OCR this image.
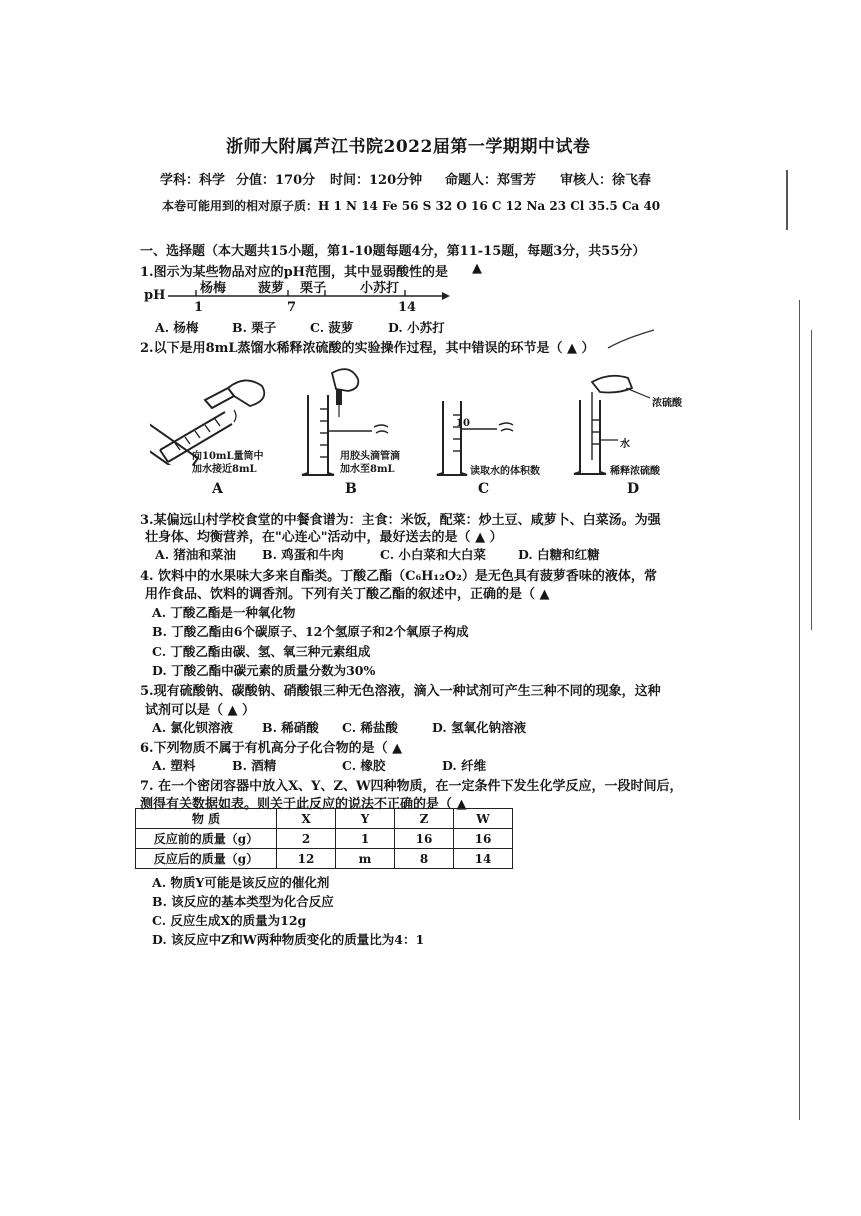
浙师大附属芦江书院2022届第一学期期中试卷
学科：科学 分值：170分 时间：120分钟 命题人：郑雪芳 审核人：徐飞春
本卷可能用到的相对原子质：H 1 N 14 Fe 56 S 32 O 16 C 12 Na 23 Cl 35.5 Ca 40
一、选择题（本大题共15小题，第1-10题每题4分，第11-15题，每题3分，共55分）
1.图示为某些物品对应的pH范围，其中显弱酸性的是 ▲
pH	杨梅 菠萝 栗子	小苏打
1	7	14
A. 杨梅	B. 栗子	C. 菠萝	D. 小苏打
2.以下是用8mL蒸馏水稀释浓硫酸的实验操作过程，其中错误的环节是（ ▲ ）
向10mL量筒中
加水接近8mL
A
用胶头滴管滴
加水至8mL
B
10
读取水的体积数
C
浓硫酸
水
稀释浓硫酸
D
3.某偏远山村学校食堂的中餐食谱为：主食：米饭，配菜：炒土豆、咸萝卜、白菜汤。为强
壮身体、均衡营养，在"心连心"活动中，最好送去的是（ ▲ ）
A. 猪油和菜油 B. 鸡蛋和牛肉	C. 小白菜和大白菜	D. 白糖和红糖
4. 饮料中的水果味大多来自酯类。丁酸乙酯（C₆H₁₂O₂）是无色具有菠萝香味的液体，常
用作食品、饮料的调香剂。下列有关丁酸乙酯的叙述中，正确的是（ ▲
A. 丁酸乙酯是一种氧化物
B. 丁酸乙酯由6个碳原子、12个氢原子和2个氧原子构成
C. 丁酸乙酯由碳、氢、氧三种元素组成
D. 丁酸乙酯中碳元素的质量分数为30%
5.现有硫酸钠、碳酸钠、硝酸银三种无色溶液，滴入一种试剂可产生三种不同的现象，这种
试剂可以是（ ▲ ）
A. 氯化钡溶液 B. 稀硝酸 C. 稀盐酸	D. 氢氧化钠溶液
6.下列物质不属于有机高分子化合物的是（ ▲
A. 塑料	B. 酒精	C. 橡胶	D. 纤维
7. 在一个密闭容器中放入X、Y、Z、W四种物质，在一定条件下发生化学反应，一段时间后，
测得有关数据如表。则关于此反应的说法不正确的是（ ▲
物 质	X	Y	Z	W
反应前的质量（g）	2	1	16	16
反应后的质量（g）	12	m	8	14
A. 物质Y可能是该反应的催化剂
B. 该反应的基本类型为化合反应
C. 反应生成X的质量为12g
D. 该反应中Z和W两种物质变化的质量比为4：1
